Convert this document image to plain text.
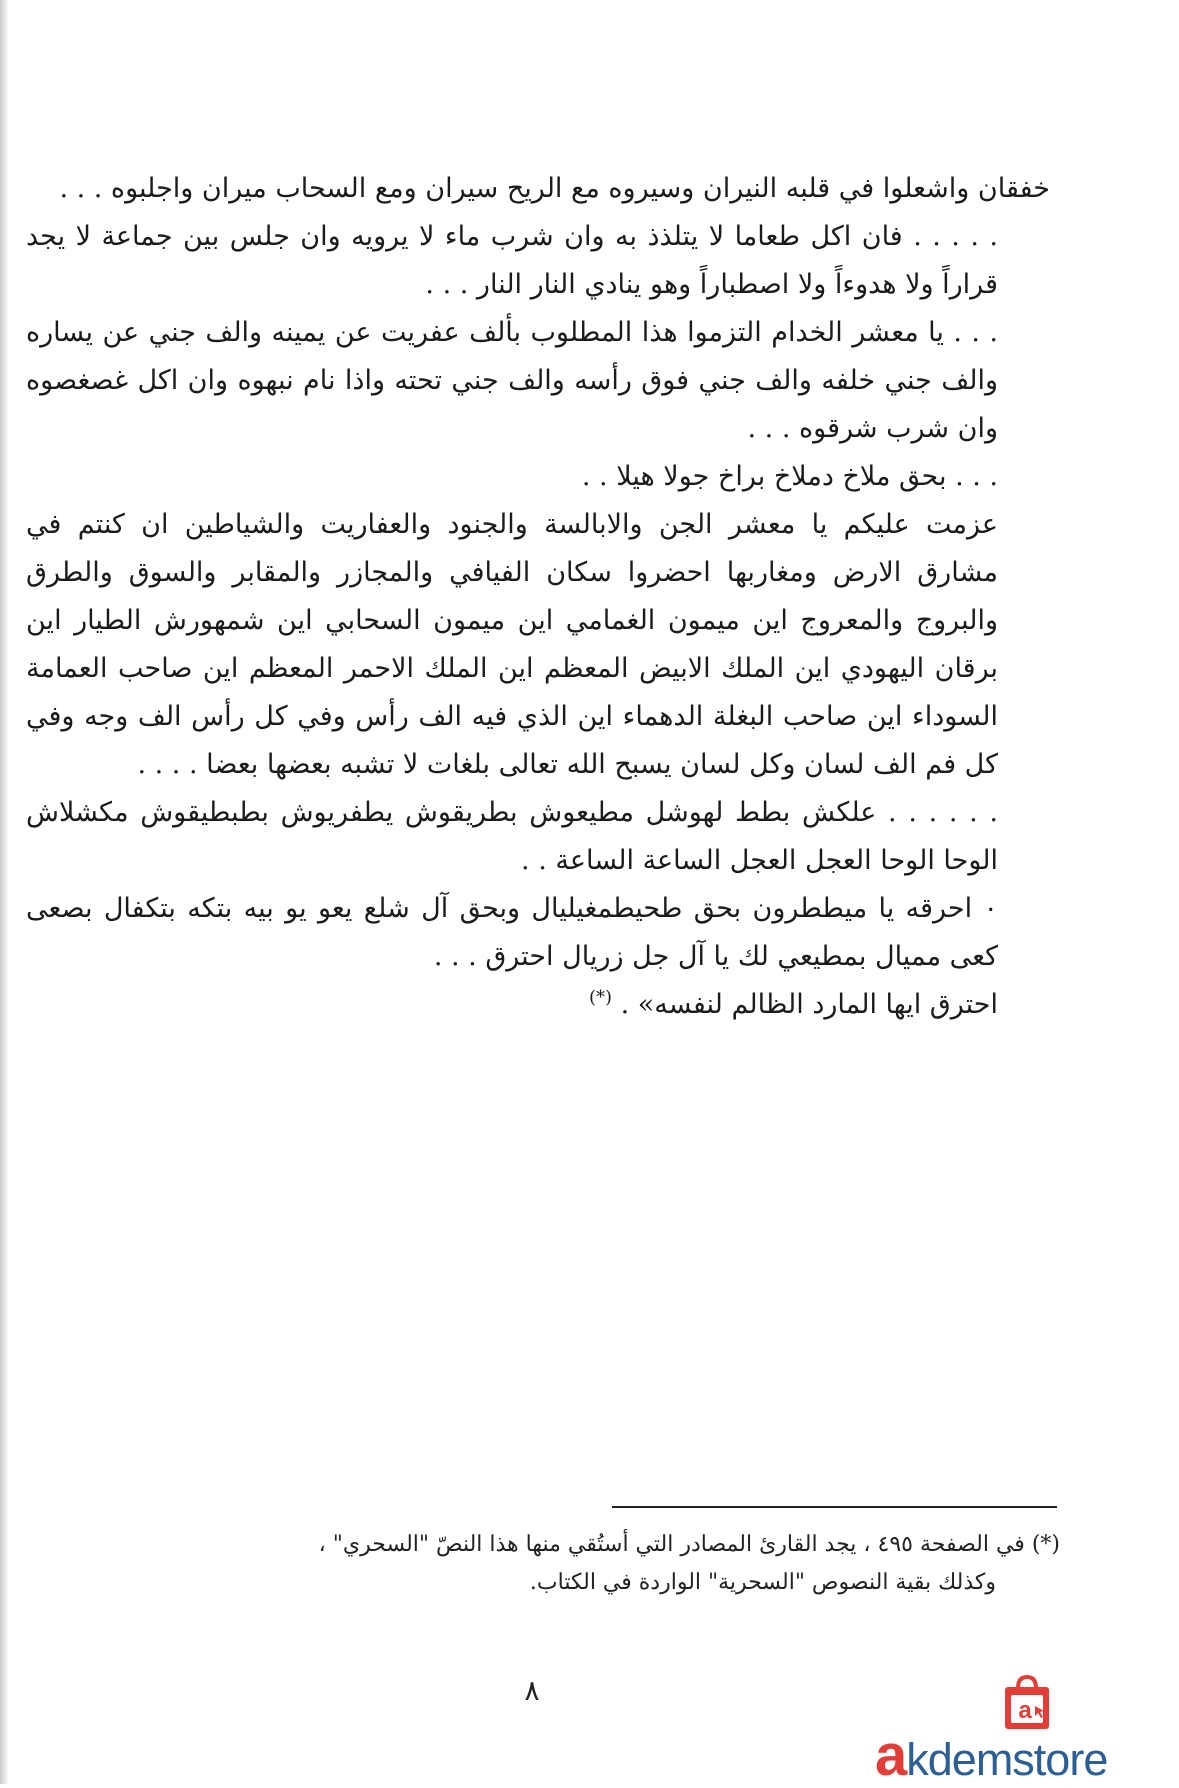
خفقان واشعلوا في قلبه النيران وسيروه مع الريح سيران ومع السحاب ميران واجلبوه . . .

. . . . . فان اكل طعاما لا يتلذذ به وان شرب ماء لا يرويه وان جلس بين جماعة لا يجد قراراً ولا هدوءاً ولا اصطباراً وهو ينادي النار النار . . .

. . . يا معشر الخدام التزموا هذا المطلوب بألف عفريت عن يمينه والف جني عن يساره والف جني خلفه والف جني فوق رأسه والف جني تحته واذا نام نبهوه وان اكل غصغصوه وان شرب شرقوه . . .

. . . بحق ملاخ دملاخ براخ جولا هيلا . .

عزمت عليكم يا معشر الجن والابالسة والجنود والعفاريت والشياطين ان كنتم في مشارق الارض ومغاربها احضروا سكان الفيافي والمجازر والمقابر والسوق والطرق والبروج والمعروج اين ميمون الغمامي اين ميمون السحابي اين شمهورش الطيار اين برقان اليهودي اين الملك الابيض المعظم اين الملك الاحمر المعظم اين صاحب العمامة السوداء اين صاحب البغلة الدهماء اين الذي فيه الف رأس وفي كل رأس الف وجه وفي كل فم الف لسان وكل لسان يسبح الله تعالى بلغات لا تشبه بعضها بعضا . . . .

. . . . . . علكش بطط لهوشل مطيعوش بطريقوش يطفريوش بطبطيقوش مكشلاش الوحا الوحا العجل العجل الساعة الساعة . .

٠ احرقه يا ميططرون بحق طحيطمغيليال وبحق آل شلع يعو يو بيه بتكه بتكفال بصعى كعى مميال بمطيعي لك يا آل جل زريال احترق . . .

احترق ايها المارد الظالم لنفسه» . (*)

(*) في الصفحة ٤٩٥ ، يجد القارئ المصادر التي أستُقي منها هذا النصّ "السحري" ،

وكذلك بقية النصوص "السحرية" الواردة في الكتاب.

٨
a
akdemstore
